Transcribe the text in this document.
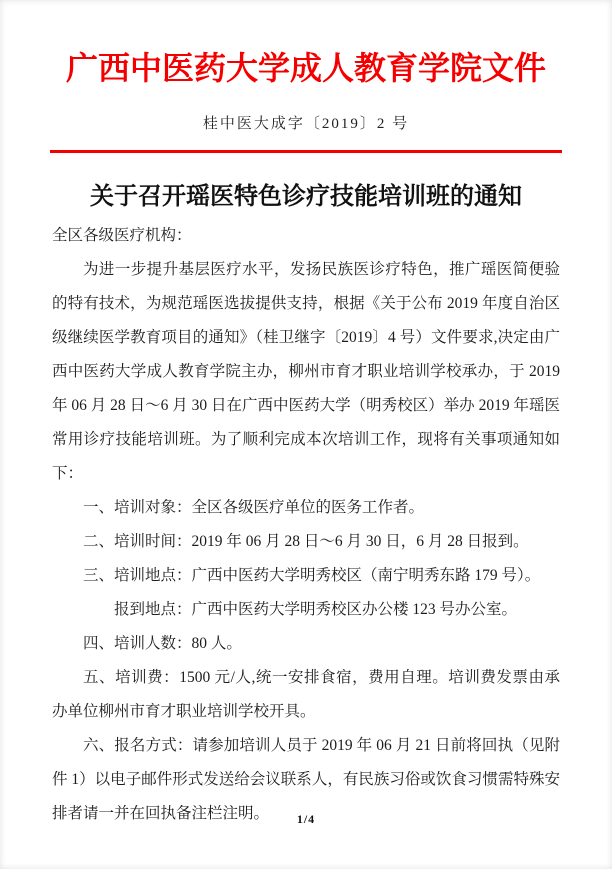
广西中医药大学成人教育学院文件
桂中医大成字〔2019〕2 号
关于召开瑶医特色诊疗技能培训班的通知

全区各级医疗机构：

为进一步提升基层医疗水平，发扬民族医诊疗特色，推广瑶医简便验的特有技术，为规范瑶医选拔提供支持，根据《关于公布 2019 年度自治区级继续医学教育项目的通知》（桂卫继字〔2019〕4 号）文件要求,决定由广西中医药大学成人教育学院主办，柳州市育才职业培训学校承办，于 2019 年 06 月 28 日～6 月 30 日在广西中医药大学（明秀校区）举办 2019 年瑶医常用诊疗技能培训班。为了顺利完成本次培训工作，现将有关事项通知如下：

一、培训对象：全区各级医疗单位的医务工作者。

二、培训时间：2019 年 06 月 28 日～6 月 30 日，6 月 28 日报到。

三、培训地点：广西中医药大学明秀校区（南宁明秀东路 179 号）。

报到地点：广西中医药大学明秀校区办公楼 123 号办公室。

四、培训人数：80 人。

五、培训费：1500 元/人,统一安排食宿，费用自理。培训费发票由承办单位柳州市育才职业培训学校开具。

六、报名方式：请参加培训人员于 2019 年 06 月 21 日前将回执（见附件 1）以电子邮件形式发送给会议联系人，有民族习俗或饮食习惯需特殊安排者请一并在回执备注栏注明。	1/4
